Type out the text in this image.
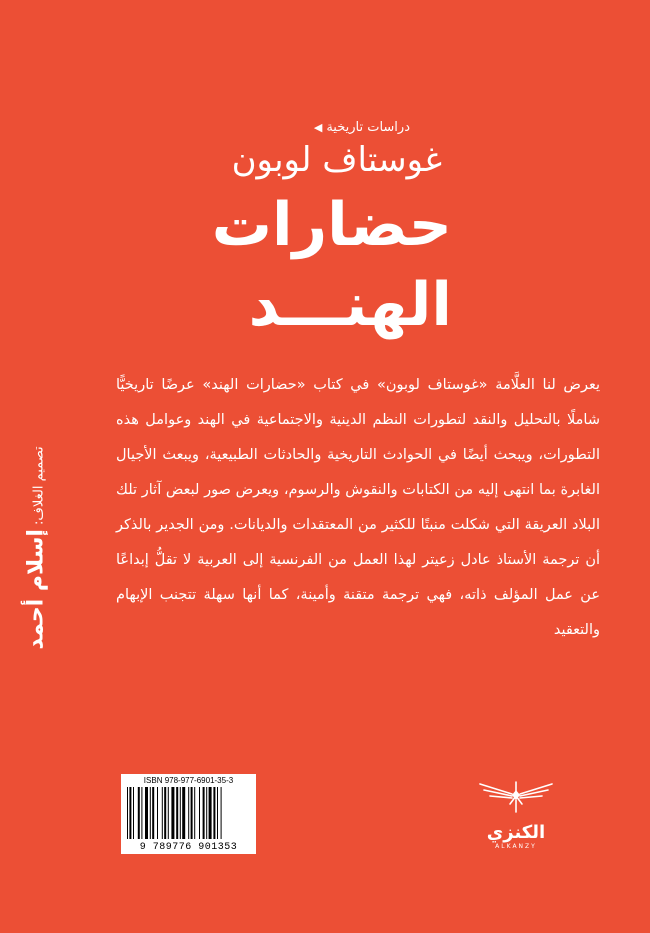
دراسات تاريخية
◀
غوستاف لوبون
حضارات
الهنـــد
يعرض لنا العلَّامة «غوستاف لوبون» في كتاب «حضارات الهند» عرضًا تاريخيًّا شاملًا بالتحليل والنقد لتطورات النظم الدينية والاجتماعية في الهند وعوامل هذه التطورات، ويبحث أيضًا في الحوادث التاريخية والحادثات الطبيعية، ويبعث الأجيال الغابرة بما انتهى إليه من الكتابات والنقوش والرسوم، ويعرض صور لبعض آثار تلك البلاد العريقة التي شكلت منبتًا للكثير من المعتقدات والديانات. ومن الجدير بالذكر أن ترجمة الأستاذ عادل زعيتر لهذا العمل من الفرنسية إلى العربية لا تقلُّ إبداعًا عن عمل المؤلف ذاته، فهي ترجمة متقنة وأمينة، كما أنها سهلة تتجنب الإبهام والتعقيد
تصميم الغلاف: إسلام أحمد
ISBN 978-977-6901-35-3
9 789776 901353
الكنزي
ALKANZY
